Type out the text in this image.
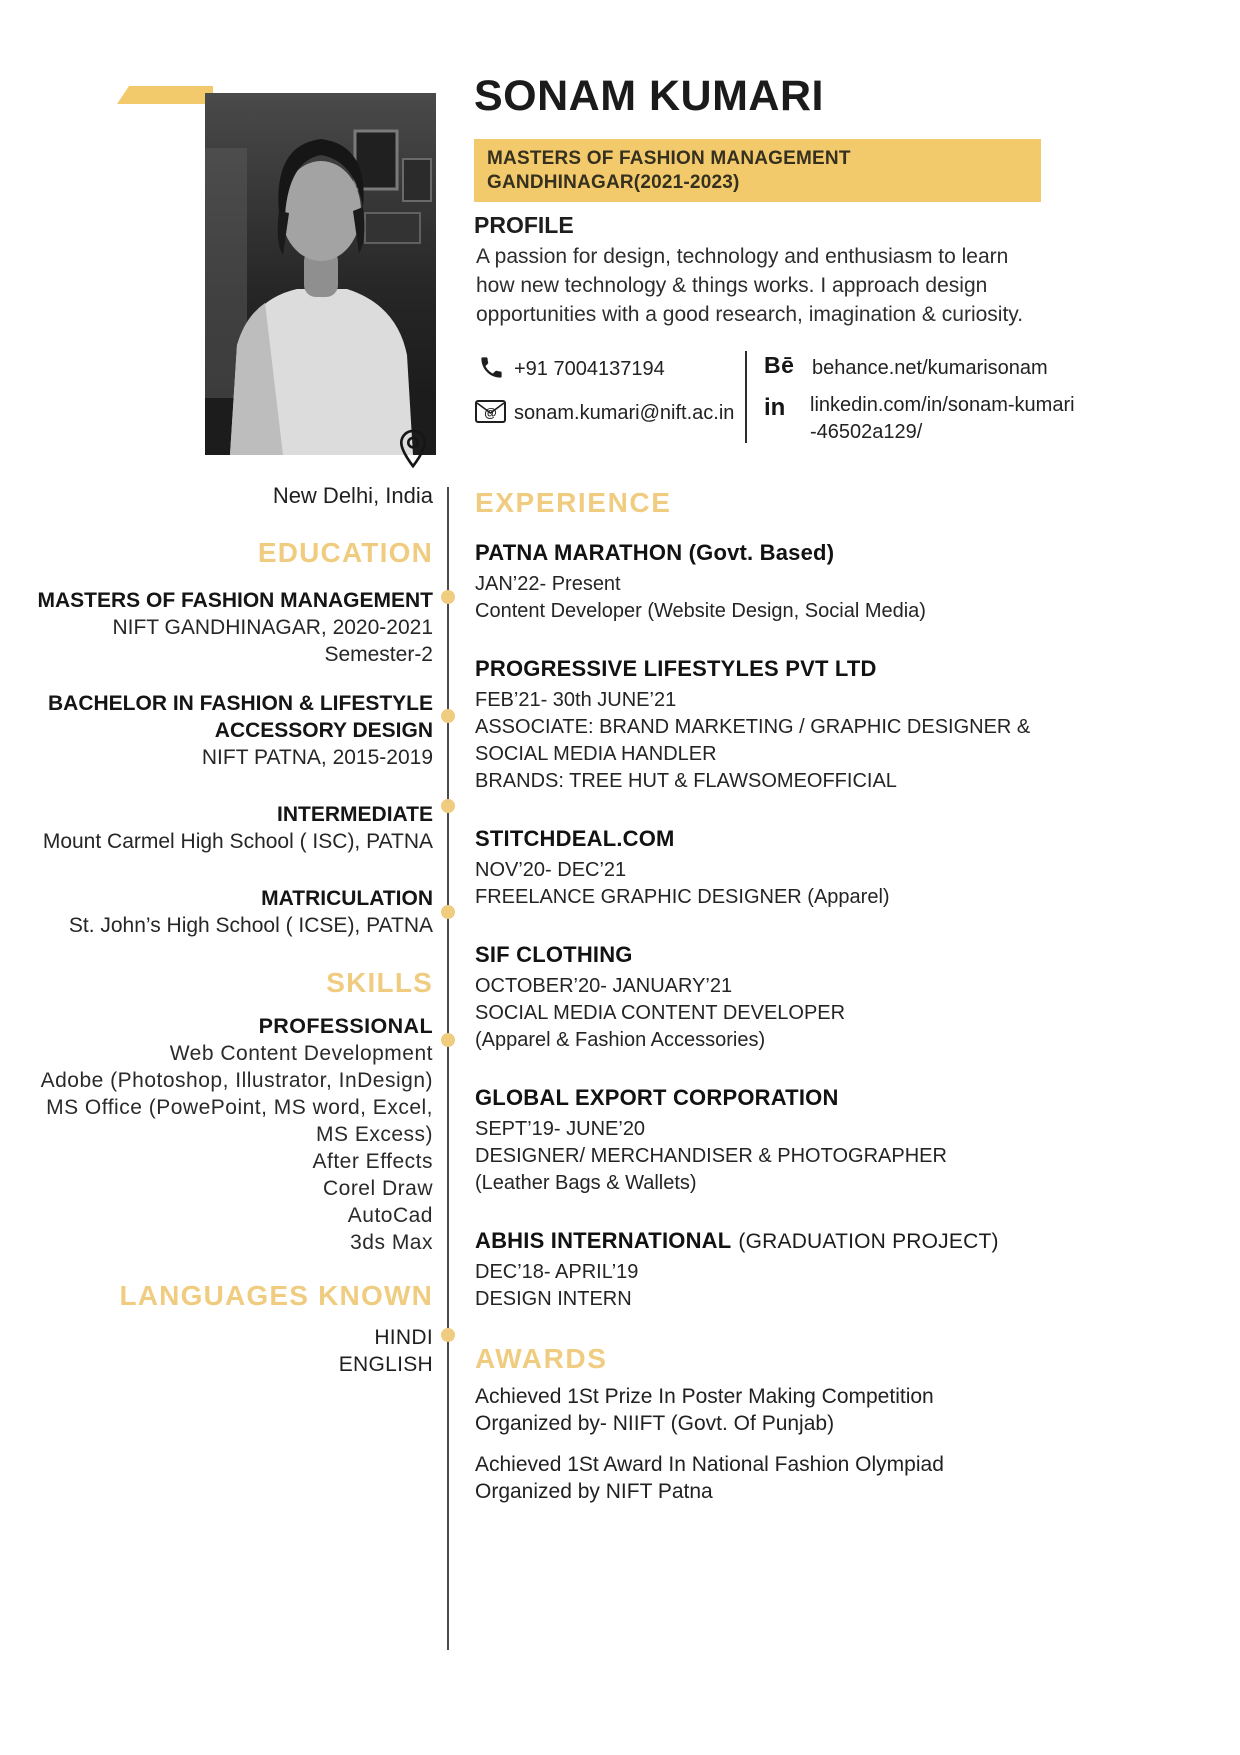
SONAM KUMARI
MASTERS OF FASHION MANAGEMENT
GANDHINAGAR(2021-2023)
PROFILE
A passion for design, technology and enthusiasm to learn how new technology & things works. I approach design opportunities with a good research, imagination & curiosity.
+91 7004137194
@ sonam.kumari@nift.ac.in
Bē behance.net/kumarisonam
in linkedin.com/in/sonam-kumari-46502a129/
New Delhi, India
EDUCATION
MASTERS OF FASHION MANAGEMENT
NIFT GANDHINAGAR, 2020-2021
Semester-2
BACHELOR IN FASHION & LIFESTYLE ACCESSORY DESIGN
NIFT PATNA, 2015-2019
INTERMEDIATE
Mount Carmel High School ( ISC), PATNA
MATRICULATION
St. John’s High School ( ICSE), PATNA
SKILLS
PROFESSIONAL
Web Content Development
Adobe (Photoshop, Illustrator, InDesign)
MS Office (PowePoint, MS word, Excel, MS Excess)
After Effects
Corel Draw
AutoCad
3ds Max
LANGUAGES KNOWN
HINDI
ENGLISH
EXPERIENCE
PATNA MARATHON (Govt. Based)
JAN’22- Present
Content Developer (Website Design, Social Media)
PROGRESSIVE LIFESTYLES PVT LTD
FEB’21- 30th JUNE’21
ASSOCIATE: BRAND MARKETING / GRAPHIC DESIGNER & SOCIAL MEDIA HANDLER
BRANDS: TREE HUT & FLAWSOMEOFFICIAL
STITCHDEAL.COM
NOV’20- DEC’21
FREELANCE GRAPHIC DESIGNER (Apparel)
SIF CLOTHING
OCTOBER’20- JANUARY’21
SOCIAL MEDIA CONTENT DEVELOPER
(Apparel & Fashion Accessories)
GLOBAL EXPORT CORPORATION
SEPT’19- JUNE’20
DESIGNER/ MERCHANDISER & PHOTOGRAPHER
(Leather Bags & Wallets)
ABHIS INTERNATIONAL (GRADUATION PROJECT)
DEC’18- APRIL’19
DESIGN INTERN
AWARDS
Achieved 1St Prize In Poster Making Competition Organized by- NIIFT (Govt. Of Punjab)
Achieved 1St Award In National Fashion Olympiad Organized by NIFT Patna
